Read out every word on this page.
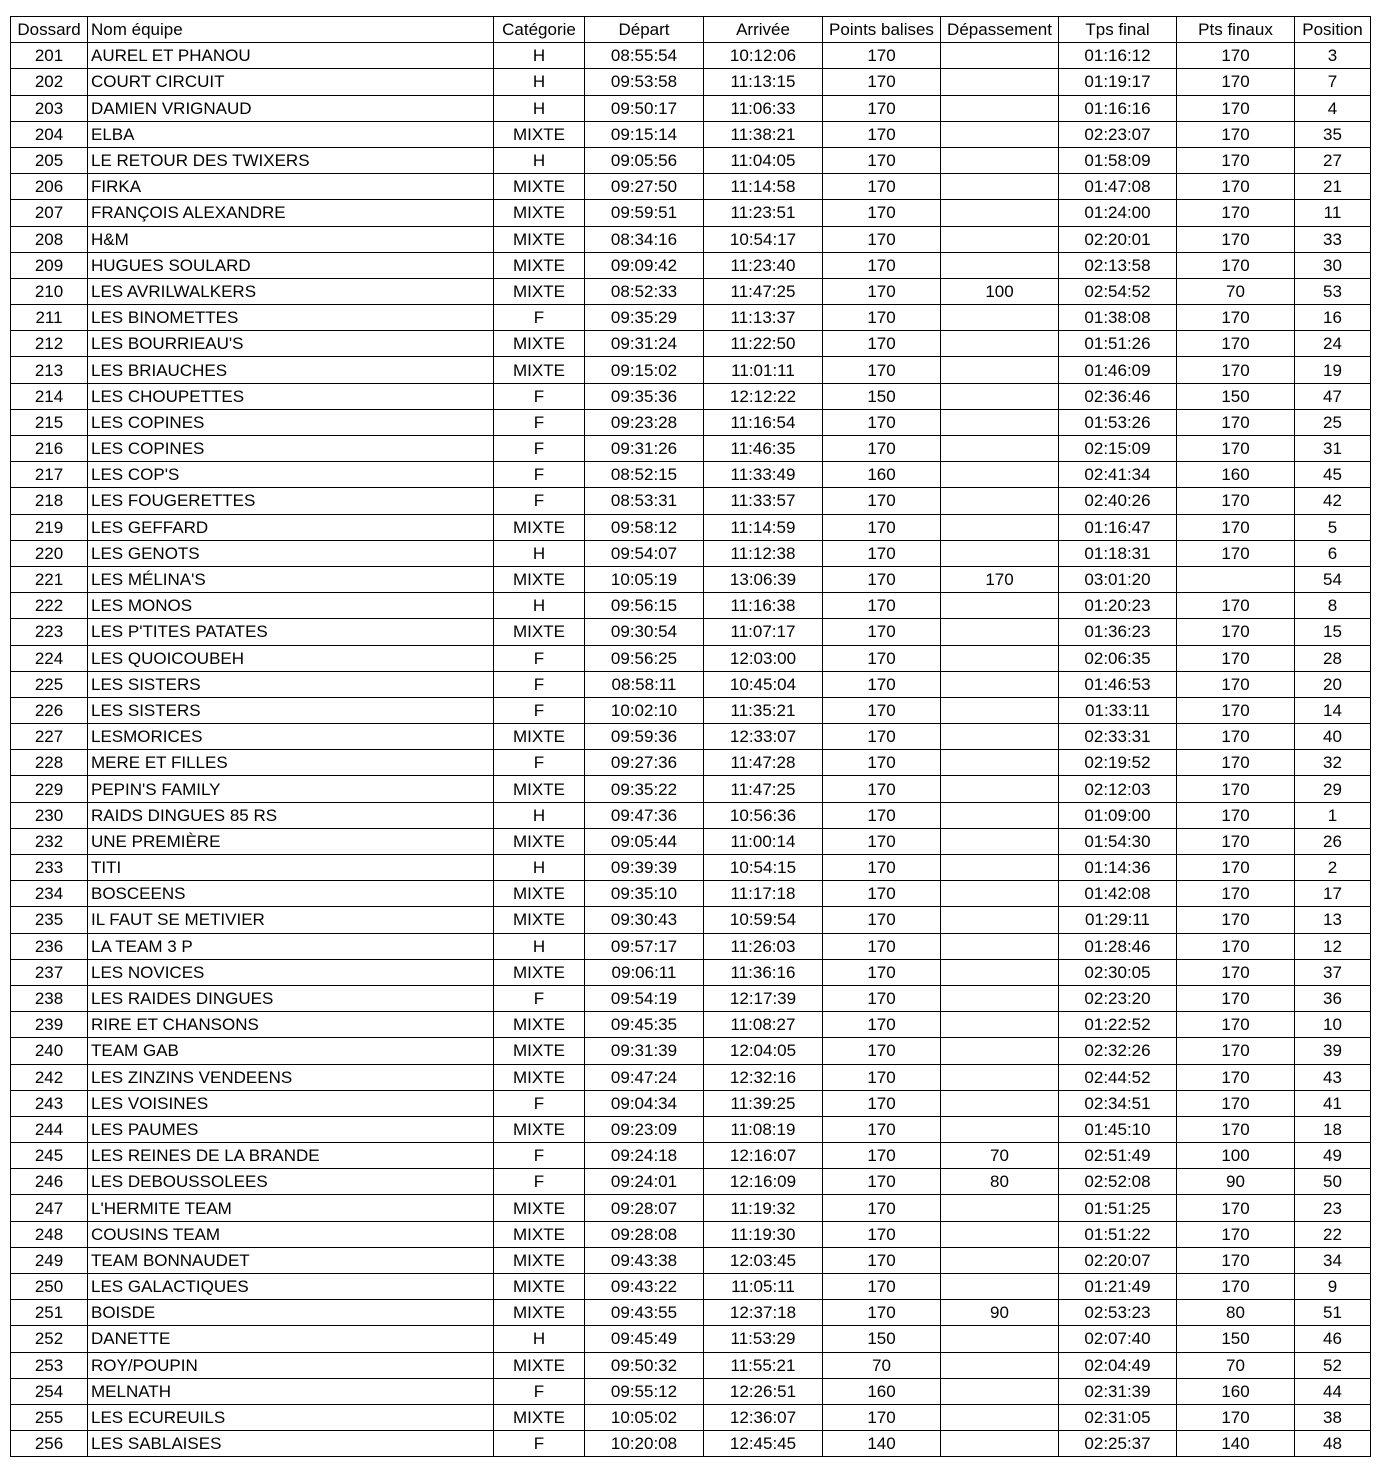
Dossard	Nom équipe	Catégorie	Départ	Arrivée	Points balises	Dépassement	Tps final	Pts finaux	Position
201	AUREL ET PHANOU	H	08:55:54	10:12:06	170		01:16:12	170	3
202	COURT CIRCUIT	H	09:53:58	11:13:15	170		01:19:17	170	7
203	DAMIEN VRIGNAUD	H	09:50:17	11:06:33	170		01:16:16	170	4
204	ELBA	MIXTE	09:15:14	11:38:21	170		02:23:07	170	35
205	LE RETOUR DES TWIXERS	H	09:05:56	11:04:05	170		01:58:09	170	27
206	FIRKA	MIXTE	09:27:50	11:14:58	170		01:47:08	170	21
207	FRANÇOIS ALEXANDRE	MIXTE	09:59:51	11:23:51	170		01:24:00	170	11
208	H&M	MIXTE	08:34:16	10:54:17	170		02:20:01	170	33
209	HUGUES SOULARD	MIXTE	09:09:42	11:23:40	170		02:13:58	170	30
210	LES AVRILWALKERS	MIXTE	08:52:33	11:47:25	170	100	02:54:52	70	53
211	LES BINOMETTES	F	09:35:29	11:13:37	170		01:38:08	170	16
212	LES BOURRIEAU'S	MIXTE	09:31:24	11:22:50	170		01:51:26	170	24
213	LES BRIAUCHES	MIXTE	09:15:02	11:01:11	170		01:46:09	170	19
214	LES CHOUPETTES	F	09:35:36	12:12:22	150		02:36:46	150	47
215	LES COPINES	F	09:23:28	11:16:54	170		01:53:26	170	25
216	LES COPINES	F	09:31:26	11:46:35	170		02:15:09	170	31
217	LES COP'S	F	08:52:15	11:33:49	160		02:41:34	160	45
218	LES FOUGERETTES	F	08:53:31	11:33:57	170		02:40:26	170	42
219	LES GEFFARD	MIXTE	09:58:12	11:14:59	170		01:16:47	170	5
220	LES GENOTS	H	09:54:07	11:12:38	170		01:18:31	170	6
221	LES MÉLINA'S	MIXTE	10:05:19	13:06:39	170	170	03:01:20		54
222	LES MONOS	H	09:56:15	11:16:38	170		01:20:23	170	8
223	LES P'TITES PATATES	MIXTE	09:30:54	11:07:17	170		01:36:23	170	15
224	LES QUOICOUBEH	F	09:56:25	12:03:00	170		02:06:35	170	28
225	LES SISTERS	F	08:58:11	10:45:04	170		01:46:53	170	20
226	LES SISTERS	F	10:02:10	11:35:21	170		01:33:11	170	14
227	LESMORICES	MIXTE	09:59:36	12:33:07	170		02:33:31	170	40
228	MERE ET FILLES	F	09:27:36	11:47:28	170		02:19:52	170	32
229	PEPIN'S FAMILY	MIXTE	09:35:22	11:47:25	170		02:12:03	170	29
230	RAIDS DINGUES 85 RS	H	09:47:36	10:56:36	170		01:09:00	170	1
232	UNE PREMIÈRE	MIXTE	09:05:44	11:00:14	170		01:54:30	170	26
233	TITI	H	09:39:39	10:54:15	170		01:14:36	170	2
234	BOSCEENS	MIXTE	09:35:10	11:17:18	170		01:42:08	170	17
235	IL FAUT SE METIVIER	MIXTE	09:30:43	10:59:54	170		01:29:11	170	13
236	LA TEAM 3 P	H	09:57:17	11:26:03	170		01:28:46	170	12
237	LES NOVICES	MIXTE	09:06:11	11:36:16	170		02:30:05	170	37
238	LES RAIDES DINGUES	F	09:54:19	12:17:39	170		02:23:20	170	36
239	RIRE ET CHANSONS	MIXTE	09:45:35	11:08:27	170		01:22:52	170	10
240	TEAM GAB	MIXTE	09:31:39	12:04:05	170		02:32:26	170	39
242	LES ZINZINS VENDEENS	MIXTE	09:47:24	12:32:16	170		02:44:52	170	43
243	LES VOISINES	F	09:04:34	11:39:25	170		02:34:51	170	41
244	LES PAUMES	MIXTE	09:23:09	11:08:19	170		01:45:10	170	18
245	LES REINES DE LA BRANDE	F	09:24:18	12:16:07	170	70	02:51:49	100	49
246	LES DEBOUSSOLEES	F	09:24:01	12:16:09	170	80	02:52:08	90	50
247	L'HERMITE TEAM	MIXTE	09:28:07	11:19:32	170		01:51:25	170	23
248	COUSINS TEAM	MIXTE	09:28:08	11:19:30	170		01:51:22	170	22
249	TEAM BONNAUDET	MIXTE	09:43:38	12:03:45	170		02:20:07	170	34
250	LES GALACTIQUES	MIXTE	09:43:22	11:05:11	170		01:21:49	170	9
251	BOISDE	MIXTE	09:43:55	12:37:18	170	90	02:53:23	80	51
252	DANETTE	H	09:45:49	11:53:29	150		02:07:40	150	46
253	ROY/POUPIN	MIXTE	09:50:32	11:55:21	70		02:04:49	70	52
254	MELNATH	F	09:55:12	12:26:51	160		02:31:39	160	44
255	LES ECUREUILS	MIXTE	10:05:02	12:36:07	170		02:31:05	170	38
256	LES SABLAISES	F	10:20:08	12:45:45	140		02:25:37	140	48
